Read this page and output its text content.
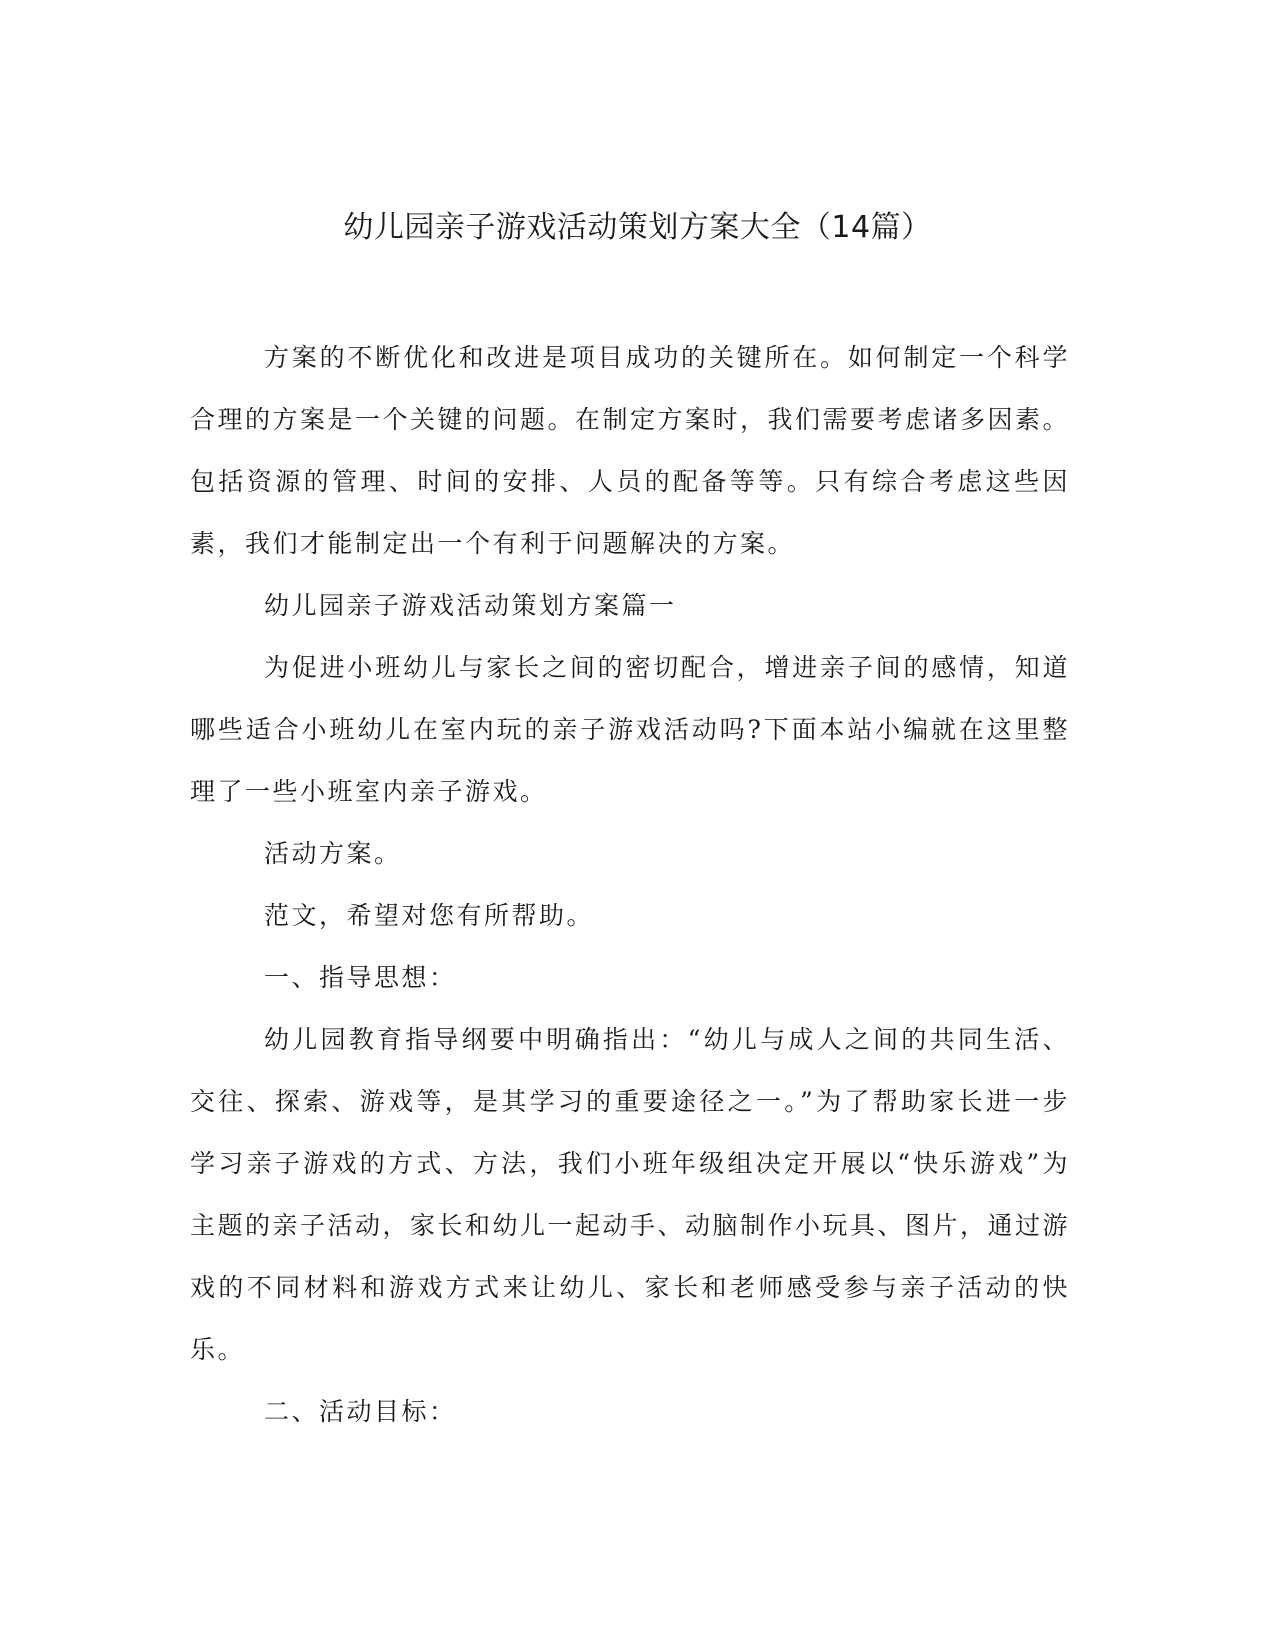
幼儿园亲子游戏活动策划方案大全（14篇）

方案的不断优化和改进是项目成功的关键所在。如何制定一个科学合理的方案是一个关键的问题。在制定方案时，我们需要考虑诸多因素。包括资源的管理、时间的安排、人员的配备等等。只有综合考虑这些因素，我们才能制定出一个有利于问题解决的方案。

幼儿园亲子游戏活动策划方案篇一

为促进小班幼儿与家长之间的密切配合，增进亲子间的感情，知道哪些适合小班幼儿在室内玩的亲子游戏活动吗?下面本站小编就在这里整理了一些小班室内亲子游戏。

活动方案。

范文，希望对您有所帮助。

一、指导思想：

幼儿园教育指导纲要中明确指出：“幼儿与成人之间的共同生活、交往、探索、游戏等，是其学习的重要途径之一。”为了帮助家长进一步学习亲子游戏的方式、方法，我们小班年级组决定开展以“快乐游戏”为主题的亲子活动，家长和幼儿一起动手、动脑制作小玩具、图片，通过游戏的不同材料和游戏方式来让幼儿、家长和老师感受参与亲子活动的快乐。

二、活动目标：
